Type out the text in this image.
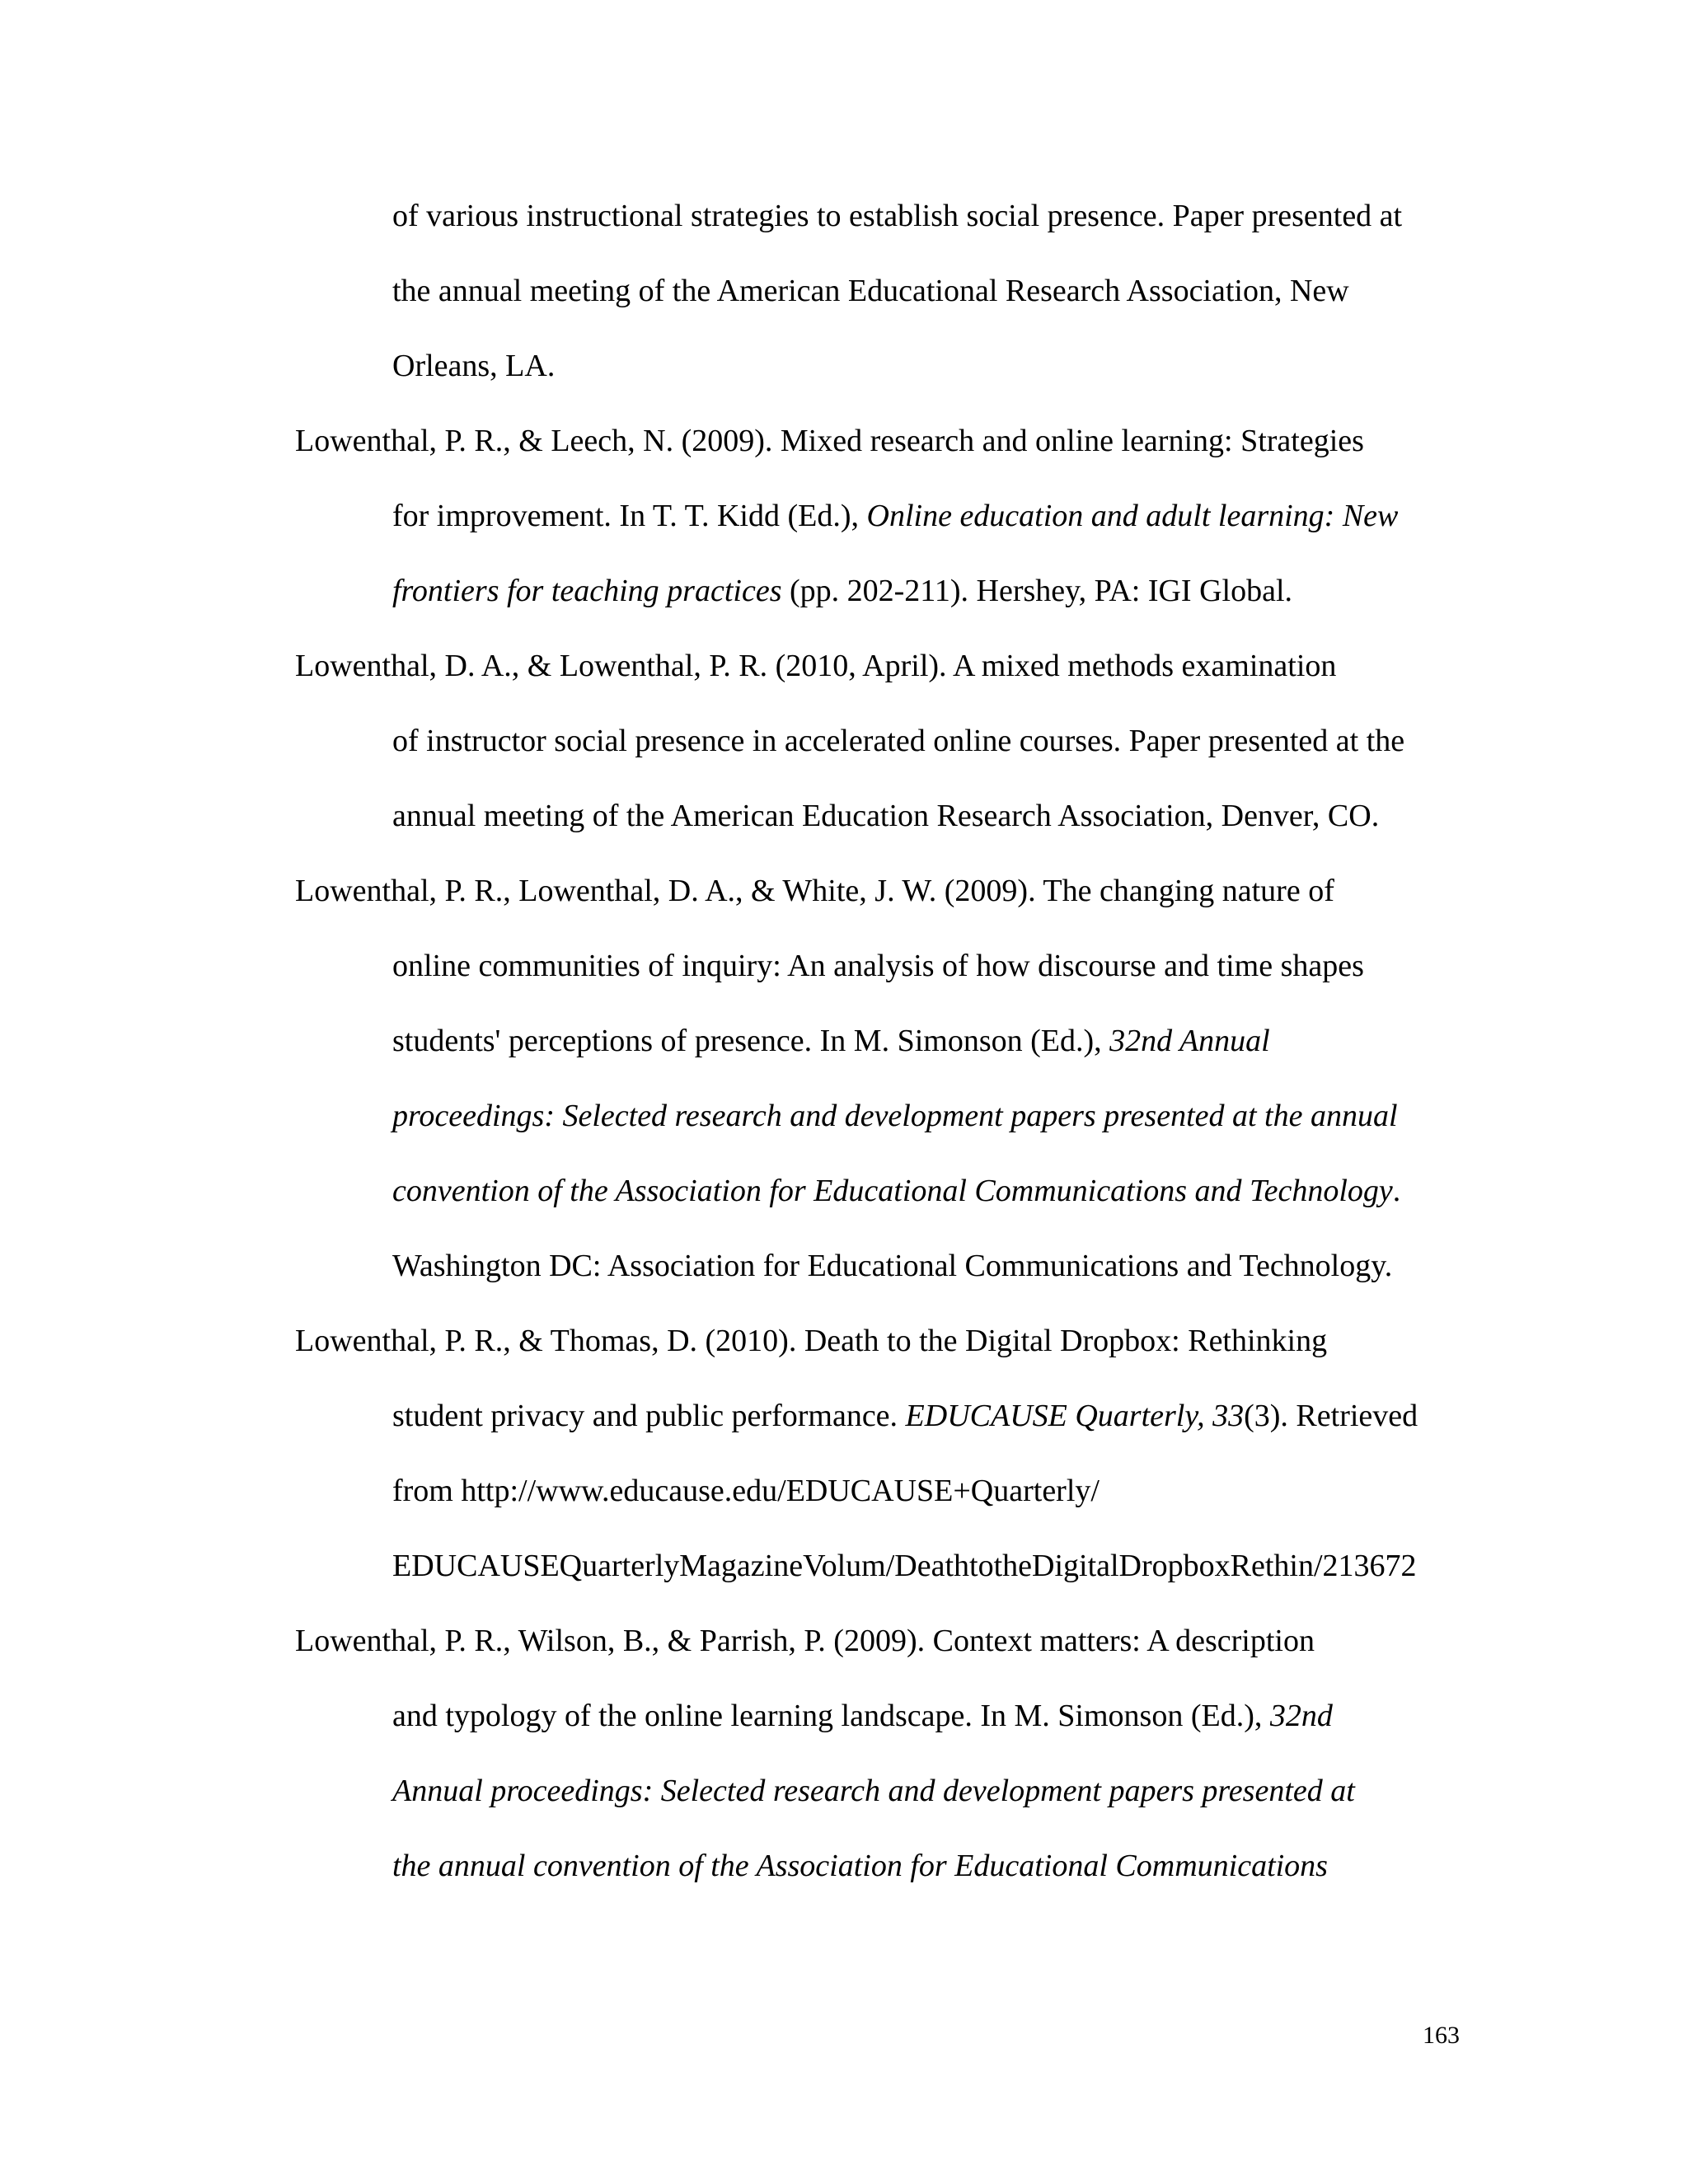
of various instructional strategies to establish social presence. Paper presented at
the annual meeting of the American Educational Research Association, New
Orleans, LA.
Lowenthal, P. R., & Leech, N. (2009). Mixed research and online learning: Strategies
for improvement. In T. T. Kidd (Ed.), Online education and adult learning: New
frontiers for teaching practices (pp. 202-211). Hershey, PA: IGI Global.
Lowenthal, D. A., & Lowenthal, P. R. (2010, April). A mixed methods examination
of instructor social presence in accelerated online courses. Paper presented at the
annual meeting of the American Education Research Association, Denver, CO.
Lowenthal, P. R., Lowenthal, D. A., & White, J. W. (2009). The changing nature of
online communities of inquiry: An analysis of how discourse and time shapes
students' perceptions of presence. In M. Simonson (Ed.), 32nd Annual
proceedings: Selected research and development papers presented at the annual
convention of the Association for Educational Communications and Technology.
Washington DC: Association for Educational Communications and Technology.
Lowenthal, P. R., & Thomas, D. (2010). Death to the Digital Dropbox: Rethinking
student privacy and public performance. EDUCAUSE Quarterly, 33(3). Retrieved
from http://www.educause.edu/EDUCAUSE+Quarterly/
EDUCAUSEQuarterlyMagazineVolum/DeathtotheDigitalDropboxRethin/213672
Lowenthal, P. R., Wilson, B., & Parrish, P. (2009). Context matters: A description
and typology of the online learning landscape. In M. Simonson (Ed.), 32nd
Annual proceedings: Selected research and development papers presented at
the annual convention of the Association for Educational Communications
163
